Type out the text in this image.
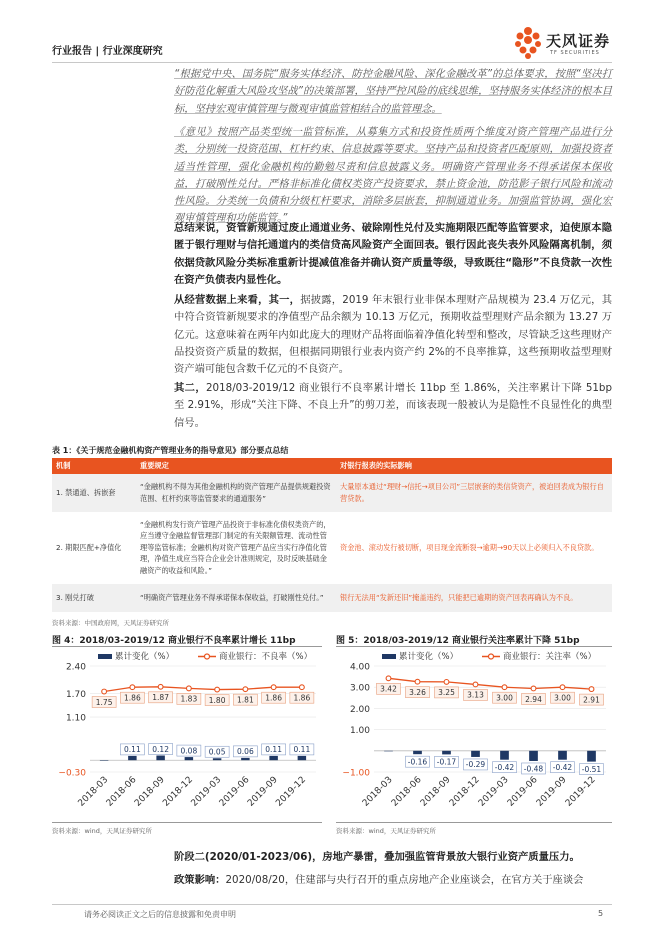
行业报告 | 行业深度研究
天风证券
TF SECURITIES
“根据党中央、国务院“服务实体经济、防控金融风险、深化金融改革”的总体要求，按照“坚决打好防范化解重大风险攻坚战”的决策部署，坚持严控风险的底线思维，坚持服务实体经济的根本目标，坚持宏观审慎管理与微观审慎监管相结合的监管理念。
《意见》按照产品类型统一监管标准，从募集方式和投资性质两个维度对资产管理产品进行分类，分别统一投资范围、杠杆约束、信息披露等要求。坚持产品和投资者匹配原则，加强投资者适当性管理，强化金融机构的勤勉尽责和信息披露义务。明确资产管理业务不得承诺保本保收益，打破刚性兑付。严格非标准化债权类资产投资要求，禁止资金池，防范影子银行风险和流动性风险。分类统一负债和分级杠杆要求，消除多层嵌套，抑制通道业务。加强监管协调，强化宏观审慎管理和功能监管。”
总结来说，资管新规通过废止通道业务、破除刚性兑付及实施期限匹配等监管要求，迫使原本隐匿于银行理财与信托通道内的类信贷高风险资产全面回表。银行因此丧失表外风险隔离机制，须依据贷款风险分类标准重新计提减值准备并确认资产质量等级，导致既往“隐形”不良贷款一次性在资产负债表内显性化。
从经营数据上来看，其一，据披露，2019 年末银行业非保本理财产品规模为 23.4 万亿元，其中符合资管新规要求的净值型产品余额为 10.13 万亿元，预期收益型理财产品余额为 13.27 万亿元。这意味着在两年内如此庞大的理财产品将面临着净值化转型和整改，尽管缺乏这些理财产品投资资产质量的数据，但根据同期银行业表内资产约 2%的不良率推算，这些预期收益型理财资产端可能包含数千亿元的不良资产。
其二，2018/03-2019/12 商业银行不良率累计增长 11bp 至 1.86%，关注率累计下降 51bp 至 2.91%，形成“关注下降、不良上升”的剪刀差，而该表现一般被认为是隐性不良显性化的典型信号。
表 1：《关于规范金融机构资产管理业务的指导意见》部分要点总结
机制	重要规定	对银行报表的实际影响
1. 禁通道、拆嵌套	“金融机构不得为其他金融机构的资产管理产品提供规避投资范围、杠杆约束等监管要求的通道服务”	大量原本通过“理财→信托→项目公司”三层嵌套的类信贷资产，被迫回表成为银行自营贷款。
2. 期限匹配+净值化	“金融机构发行资产管理产品投资于非标准化债权类资产的，应当遵守金融监督管理部门制定的有关限额管理、流动性管理等监管标准；金融机构对资产管理产品应当实行净值化管理，净值生成应当符合企业会计准则规定，及时反映基础金融资产的收益和风险。”	资金池、滚动发行被切断，项目现金流断裂→逾期→90天以上必须归入不良贷款。
3. 刚兑打破	“明确资产管理业务不得承诺保本保收益，打破刚性兑付。”	银行无法用“发新还旧”掩盖违约，只能把已逾期的资产回表再确认为不良。
资料来源：中国政府网，天风证券研究所
图 4：2018/03-2019/12 商业银行不良率累计增长 11bp
−0.30
1.10
1.70
2.40
累计变化（%）	商业银行：不良率（%）
0.11 0.12 0.08 0.05 0.06 0.11 0.11
1.75 1.86 1.87 1.83 1.80 1.81 1.86 1.86
2018-03
2018-06
2018-09
2018-12
2019-03
2019-06
2019-09
2019-12
资料来源：wind，天风证券研究所
图 5：2018/03-2019/12 商业银行关注率累计下降 51bp
−1.00
1.00
2.00
3.00
4.00
累计变化（%）	商业银行：关注率（%）
-0.16 -0.17 -0.29 -0.42 -0.48 -0.42 -0.51
3.42 3.26 3.25 3.13 3.00 2.94 3.00 2.91
2018-03
2018-06
2018-09
2018-12
2019-03
2019-06
2019-09
2019-12
资料来源：wind，天风证券研究所
阶段二(2020/01-2023/06)，房地产暴雷，叠加强监管背景放大银行业资产质量压力。
政策影响：2020/08/20，住建部与央行召开的重点房地产企业座谈会，在官方关于座谈会
请务必阅读正文之后的信息披露和免责申明	5
